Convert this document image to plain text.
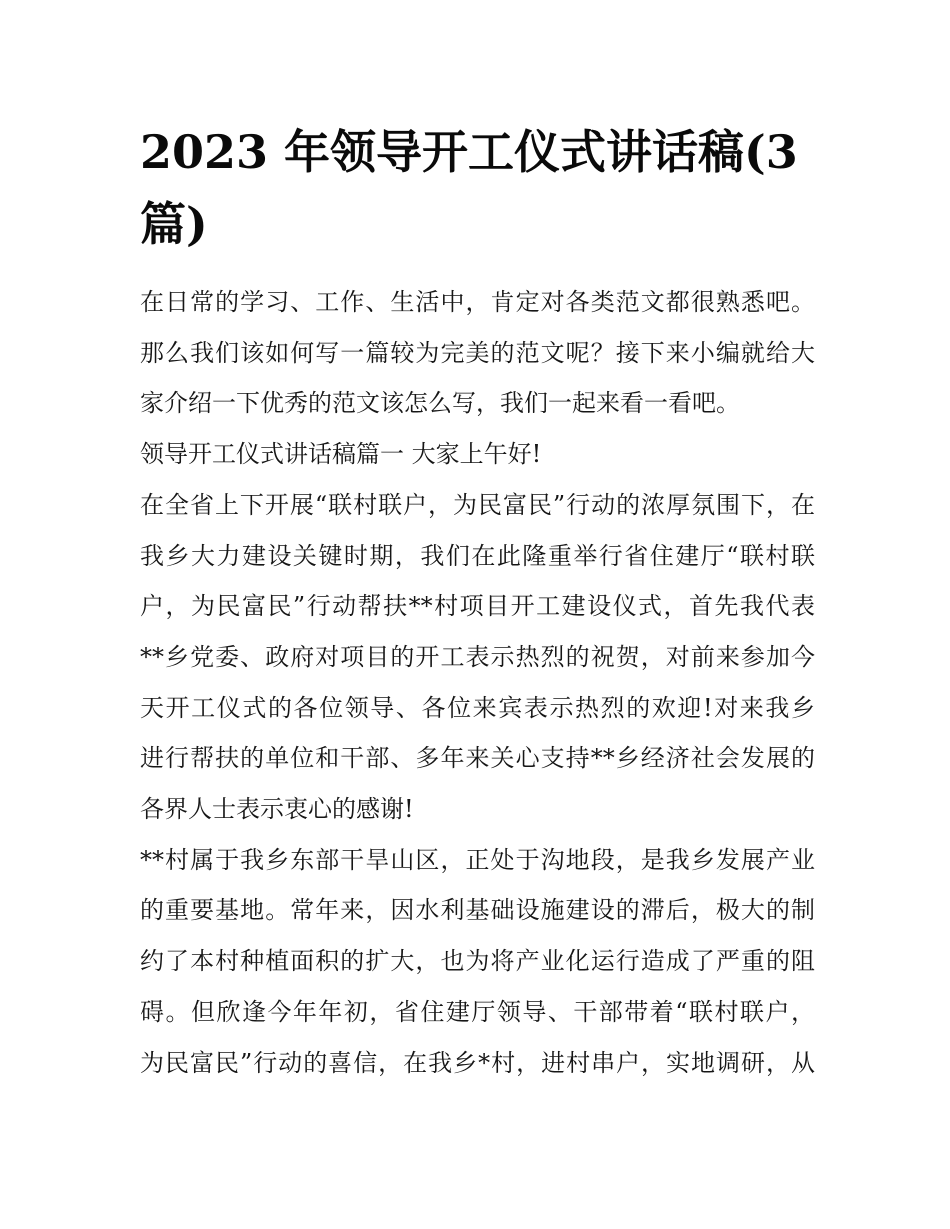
2023 年领导开工仪式讲话稿(3
篇)

在日常的学习、工作、生活中，肯定对各类范文都很熟悉吧。
那么我们该如何写一篇较为完美的范文呢？接下来小编就给大
家介绍一下优秀的范文该怎么写，我们一起来看一看吧。

领导开工仪式讲话稿篇一 大家上午好!

在全省上下开展“联村联户，为民富民”行动的浓厚氛围下，在
我乡大力建设关键时期，我们在此隆重举行省住建厅“联村联
户，为民富民”行动帮扶**村项目开工建设仪式，首先我代表
**乡党委、政府对项目的开工表示热烈的祝贺，对前来参加今
天开工仪式的各位领导、各位来宾表示热烈的欢迎!对来我乡
进行帮扶的单位和干部、多年来关心支持**乡经济社会发展的
各界人士表示衷心的感谢!

**村属于我乡东部干旱山区，正处于沟地段，是我乡发展产业
的重要基地。常年来，因水利基础设施建设的滞后，极大的制
约了本村种植面积的扩大，也为将产业化运行造成了严重的阻
碍。但欣逢今年年初，省住建厅领导、干部带着“联村联户，
为民富民”行动的喜信，在我乡*村，进村串户，实地调研，从
